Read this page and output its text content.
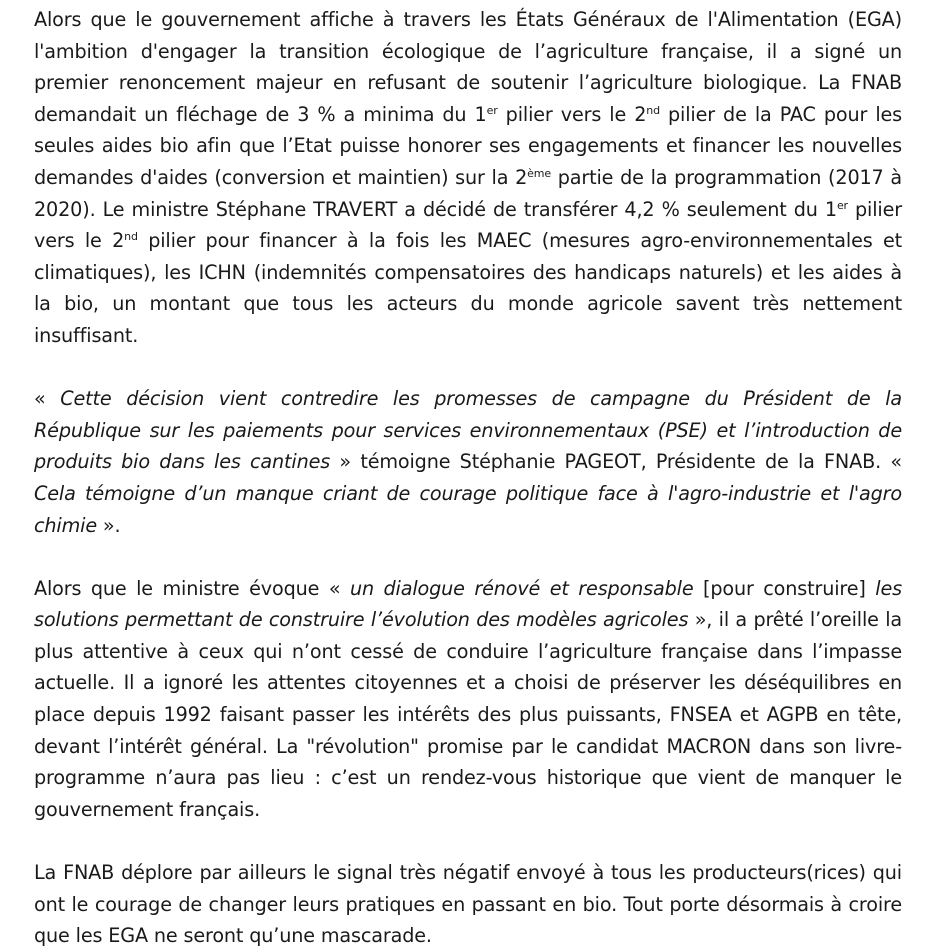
Alors que le gouvernement affiche à travers les États Généraux de l'Alimentation (EGA) l'ambition d'engager la transition écologique de l’agriculture française, il a signé un premier renoncement majeur en refusant de soutenir l’agriculture biologique. La FNAB demandait un fléchage de 3 % a minima du 1er pilier vers le 2nd pilier de la PAC pour les seules aides bio afin que l’Etat puisse honorer ses engagements et financer les nouvelles demandes d'aides (conversion et maintien) sur la 2ème partie de la programmation (2017 à 2020). Le ministre Stéphane TRAVERT a décidé de transférer 4,2 % seulement du 1er pilier vers le 2nd pilier pour financer à la fois les MAEC (mesures agro-environnementales et climatiques), les ICHN (indemnités compensatoires des handicaps naturels) et les aides à la bio, un montant que tous les acteurs du monde agricole savent très nettement insuffisant.

« Cette décision vient contredire les promesses de campagne du Président de la République sur les paiements pour services environnementaux (PSE) et l’introduction de produits bio dans les cantines » témoigne Stéphanie PAGEOT, Présidente de la FNAB. « Cela témoigne d’un manque criant de courage politique face à l'agro-industrie et l'agro chimie ».

Alors que le ministre évoque « un dialogue rénové et responsable [pour construire] les solutions permettant de construire l’évolution des modèles agricoles », il a prêté l’oreille la plus attentive à ceux qui n’ont cessé de conduire l’agriculture française dans l’impasse actuelle. Il a ignoré les attentes citoyennes et a choisi de préserver les déséquilibres en place depuis 1992 faisant passer les intérêts des plus puissants, FNSEA et AGPB en tête, devant l’intérêt général. La "révolution" promise par le candidat MACRON dans son livre-programme n’aura pas lieu : c’est un rendez-vous historique que vient de manquer le gouvernement français.

La FNAB déplore par ailleurs le signal très négatif envoyé à tous les producteurs(rices) qui ont le courage de changer leurs pratiques en passant en bio. Tout porte désormais à croire que les EGA ne seront qu’une mascarade.
